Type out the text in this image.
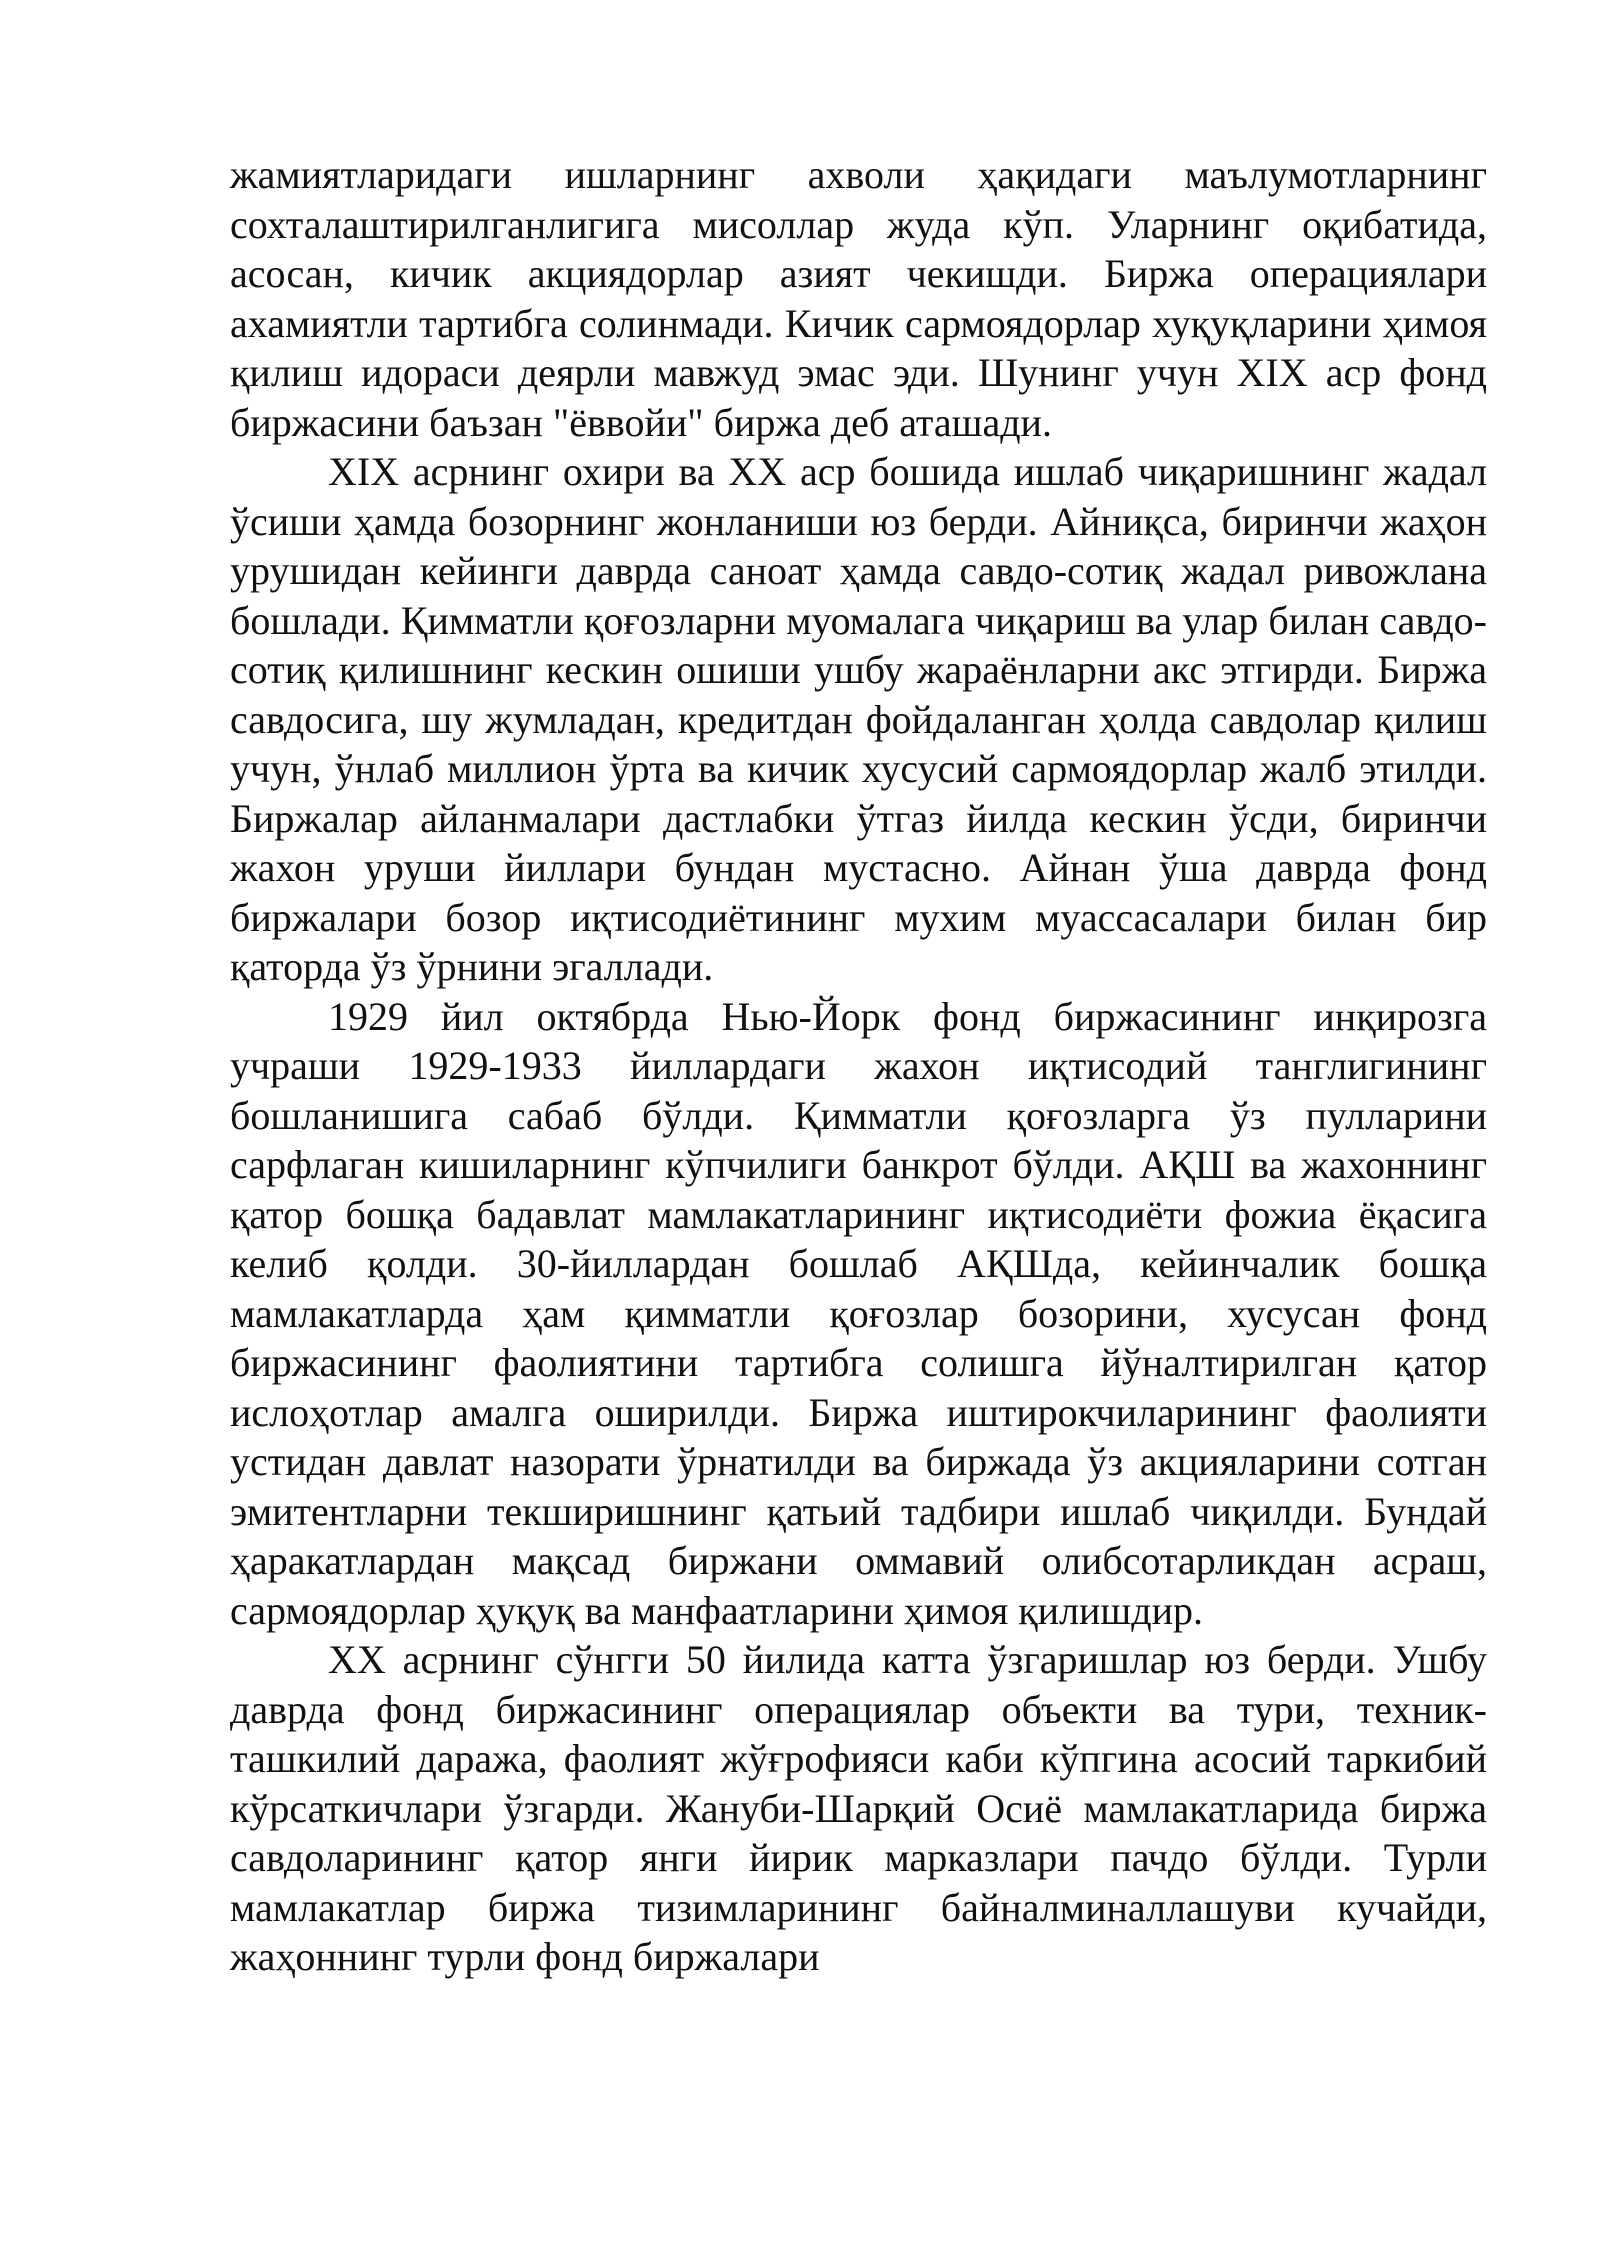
жамиятларидаги ишларнинг ахволи ҳақидаги маълумотларнинг сохталаштирилганлигига мисоллар жуда кўп. Уларнинг оқибатида, асосан, кичик акциядорлар азият чекишди. Биржа операциялари ахамиятли тартибга солинмади. Кичик сармоядорлар хуқуқларини ҳимоя қилиш идораси деярли мавжуд эмас эди. Шунинг учун XIX аср фонд биржасини баъзан "ёввойи" биржа деб аташади.

XIX асрнинг охири ва XX аср бошида ишлаб чиқаришнинг жадал ўсиши ҳамда бозорнинг жонланиши юз берди. Айниқса, биринчи жаҳон урушидан кейинги даврда саноат ҳамда савдо-сотиқ жадал ривожлана бошлади. Қимматли қоғозларни муомалага чиқариш ва улар билан савдо-сотиқ қилишнинг кескин ошиши ушбу жараёнларни акс этгирди. Биржа савдосига, шу жумладан, кредитдан фойдаланган ҳолда савдолар қилиш учун, ўнлаб миллион ўрта ва кичик хусусий сармоядорлар жалб этилди. Биржалар айланмалари дастлабки ўтгаз йилда кескин ўсди, биринчи жахон уруши йиллари бундан мустасно. Айнан ўша даврда фонд биржалари бозор иқтисодиётининг мухим муассасалари билан бир қаторда ўз ўрнини эгаллади.

1929 йил октябрда Нью-Йорк фонд биржасининг инқирозга учраши 1929-1933 йиллардаги жахон иқтисодий танглигининг бошланишига сабаб бўлди. Қимматли қоғозларга ўз пулларини сарфлаган кишиларнинг кўпчилиги банкрот бўлди. АҚШ ва жахоннинг қатор бошқа бадавлат мамлакатларининг иқтисодиёти фожиа ёқасига келиб қолди. 30-йиллардан бошлаб АҚШда, кейинчалик бошқа мамлакатларда ҳам қимматли қоғозлар бозорини, хусусан фонд биржасининг фаолиятини тартибга солишга йўналтирилган қатор ислоҳотлар амалга оширилди. Биржа иштирокчиларининг фаолияти устидан давлат назорати ўрнатилди ва биржада ўз акцияларини сотган эмитентларни текширишнинг қатьий тадбири ишлаб чиқилди. Бундай ҳаракатлардан мақсад биржани оммавий олибсотарликдан асраш, сармоядорлар ҳуқуқ ва манфаатларини ҳимоя қилишдир.

XX асрнинг сўнгги 50 йилида катта ўзгаришлар юз берди. Ушбу даврда фонд биржасининг операциялар объекти ва тури, техник-ташкилий даража, фаолият жўғрофияси каби кўпгина асосий таркибий кўрсаткичлари ўзгарди. Жануби-Шарқий Осиё мамлакатларида биржа савдоларининг қатор янги йирик марказлари пачдо бўлди. Турли мамлакатлар биржа тизимларининг байналминаллашуви кучайди, жаҳоннинг турли фонд биржалари
